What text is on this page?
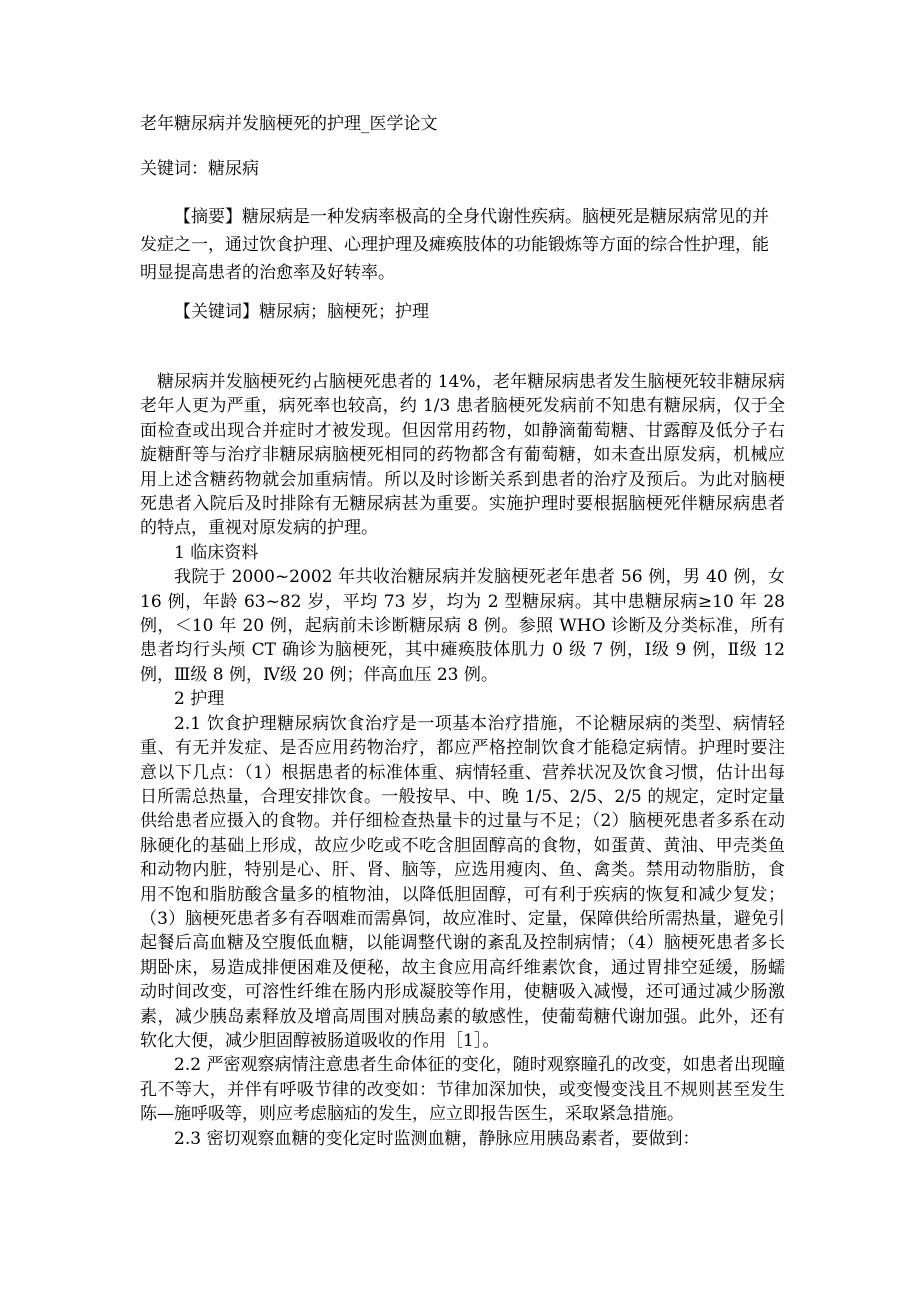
老年糖尿病并发脑梗死的护理_医学论文
关键词：糖尿病

【摘要】糖尿病是一种发病率极高的全身代谢性疾病。脑梗死是糖尿病常见的并发症之一，通过饮食护理、心理护理及瘫痪肢体的功能锻炼等方面的综合性护理，能明显提高患者的治愈率及好转率。

【关键词】糖尿病；脑梗死；护理

糖尿病并发脑梗死约占脑梗死患者的 14%，老年糖尿病患者发生脑梗死较非糖尿病老年人更为严重，病死率也较高，约 1/3 患者脑梗死发病前不知患有糖尿病，仅于全面检查或出现合并症时才被发现。但因常用药物，如静滴葡萄糖、甘露醇及低分子右旋糖酐等与治疗非糖尿病脑梗死相同的药物都含有葡萄糖，如未查出原发病，机械应用上述含糖药物就会加重病情。所以及时诊断关系到患者的治疗及预后。为此对脑梗死患者入院后及时排除有无糖尿病甚为重要。实施护理时要根据脑梗死伴糖尿病患者的特点，重视对原发病的护理。

1 临床资料

我院于 2000~2002 年共收治糖尿病并发脑梗死老年患者 56 例，男 40 例，女 16 例，年龄 63~82 岁，平均 73 岁，均为 2 型糖尿病。其中患糖尿病≥10 年 28 例，＜10 年 20 例，起病前未诊断糖尿病 8 例。参照 WHO 诊断及分类标准，所有患者均行头颅 CT 确诊为脑梗死，其中瘫痪肢体肌力 0 级 7 例，Ⅰ级 9 例，Ⅱ级 12 例，Ⅲ级 8 例，Ⅳ级 20 例；伴高血压 23 例。

2 护理

2.1 饮食护理糖尿病饮食治疗是一项基本治疗措施，不论糖尿病的类型、病情轻重、有无并发症、是否应用药物治疗，都应严格控制饮食才能稳定病情。护理时要注意以下几点：（1）根据患者的标准体重、病情轻重、营养状况及饮食习惯，估计出每日所需总热量，合理安排饮食。一般按早、中、晚 1/5、2/5、2/5 的规定，定时定量供给患者应摄入的食物。并仔细检查热量卡的过量与不足；（2）脑梗死患者多系在动脉硬化的基础上形成，故应少吃或不吃含胆固醇高的食物，如蛋黄、黄油、甲壳类鱼和动物内脏，特别是心、肝、肾、脑等，应选用瘦肉、鱼、禽类。禁用动物脂肪，食用不饱和脂肪酸含量多的植物油，以降低胆固醇，可有利于疾病的恢复和减少复发；（3）脑梗死患者多有吞咽难而需鼻饲，故应准时、定量，保障供给所需热量，避免引起餐后高血糖及空腹低血糖，以能调整代谢的紊乱及控制病情；（4）脑梗死患者多长期卧床，易造成排便困难及便秘，故主食应用高纤维素饮食，通过胃排空延缓，肠蠕动时间改变，可溶性纤维在肠内形成凝胶等作用，使糖吸入减慢，还可通过减少肠激素，减少胰岛素释放及增高周围对胰岛素的敏感性，使葡萄糖代谢加强。此外，还有软化大便，减少胆固醇被肠道吸收的作用［1］。

2.2 严密观察病情注意患者生命体征的变化，随时观察瞳孔的改变，如患者出现瞳孔不等大，并伴有呼吸节律的改变如：节律加深加快，或变慢变浅且不规则甚至发生陈—施呼吸等，则应考虑脑疝的发生，应立即报告医生，采取紧急措施。

2.3 密切观察血糖的变化定时监测血糖，静脉应用胰岛素者，要做到：
